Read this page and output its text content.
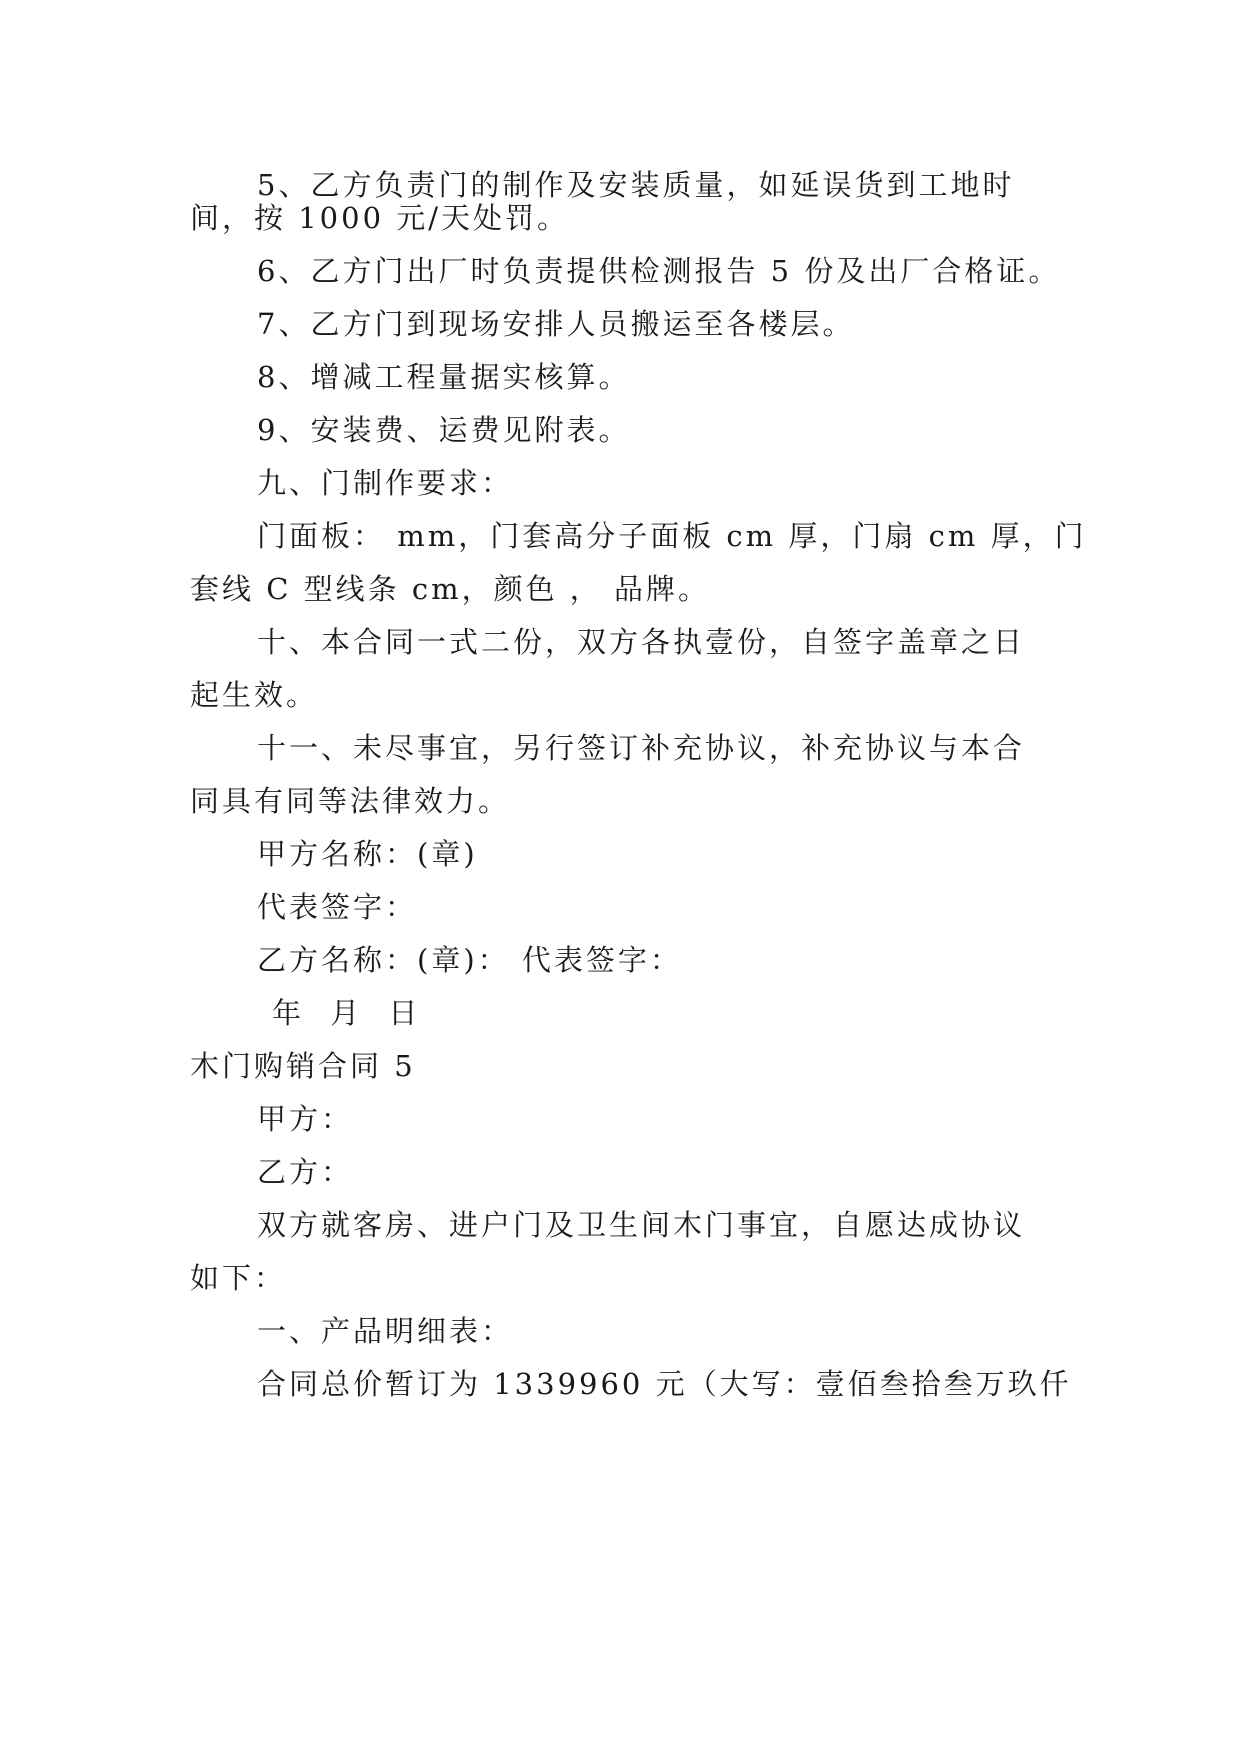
5、乙方负责门的制作及安装质量，如延误货到工地时
间，按 1000 元/天处罚。
6、乙方门出厂时负责提供检测报告 5 份及出厂合格证。
7、乙方门到现场安排人员搬运至各楼层。
8、增减工程量据实核算。
9、安装费、运费见附表。
九、门制作要求：
门面板： mm，门套高分子面板 cm 厚，门扇 cm 厚，门
套线 C 型线条 cm，颜色 ， 品牌。
十、本合同一式二份，双方各执壹份，自签字盖章之日
起生效。
十一、未尽事宜，另行签订补充协议，补充协议与本合
同具有同等法律效力。
甲方名称：(章)
代表签字：
乙方名称：(章)： 代表签字：
年 月 日
木门购销合同 5
甲方：
乙方：
双方就客房、进户门及卫生间木门事宜，自愿达成协议
如下：
一、产品明细表：
合同总价暂订为 1339960 元（大写：壹佰叁拾叁万玖仟
